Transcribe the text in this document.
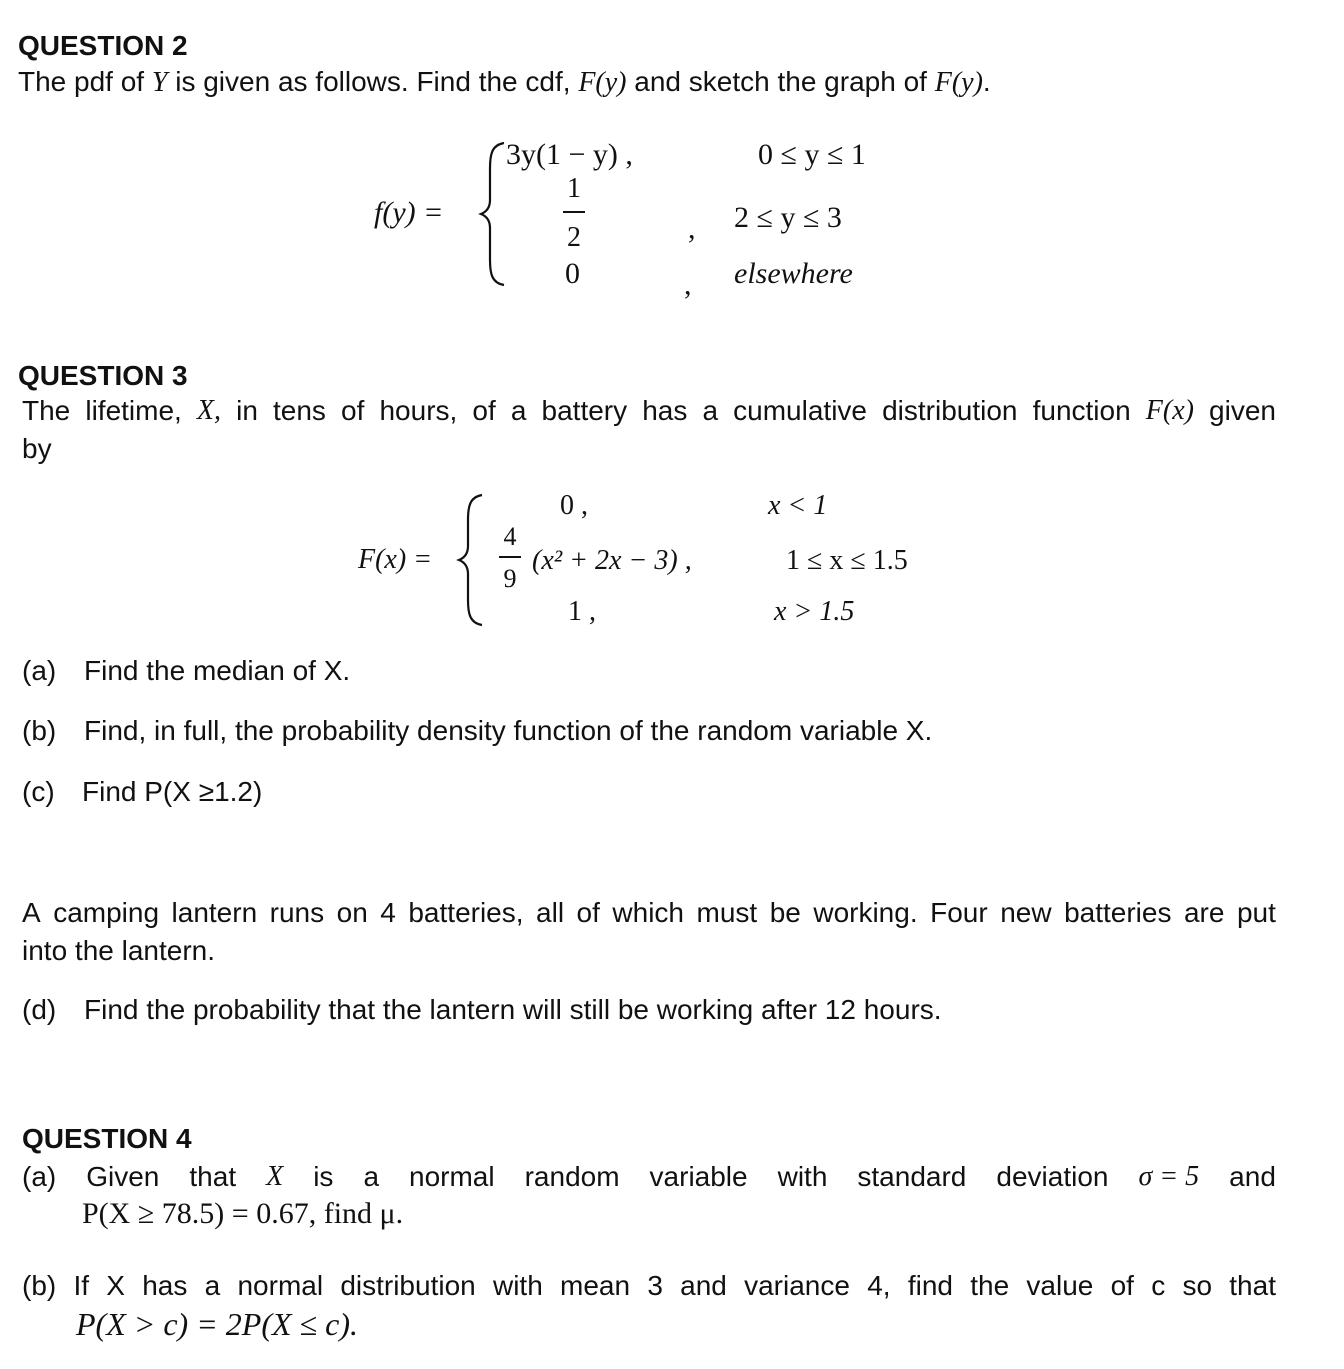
QUESTION 2
The pdf of Y is given as follows. Find the cdf, F(y) and sketch the graph of F(y).
f(y) =
3y(1 − y) ,	0 ≤ y ≤ 1
1
2	, 2 ≤ y ≤ 3
0	, elsewhere
QUESTION 3
The lifetime, X, in tens of hours, of a battery has a cumulative distribution function F(x) given
by
F(x) =
0 ,	x < 1
4
9
(x² + 2x − 3) ,	1 ≤ x ≤ 1.5
1 ,	x > 1.5
(a) Find the median of X.
(b) Find, in full, the probability density function of the random variable X.
(c) Find P(X ≥1.2)
A camping lantern runs on 4 batteries, all of which must be working. Four new batteries are put
into the lantern.
(d) Find the probability that the lantern will still be working after 12 hours.
QUESTION 4
(a) Given that X is a normal random variable with standard deviation σ = 5 and
P(X ≥ 78.5) = 0.67, find μ.
(b) If X has a normal distribution with mean 3 and variance 4, find the value of c so that
P(X > c) = 2P(X ≤ c).
